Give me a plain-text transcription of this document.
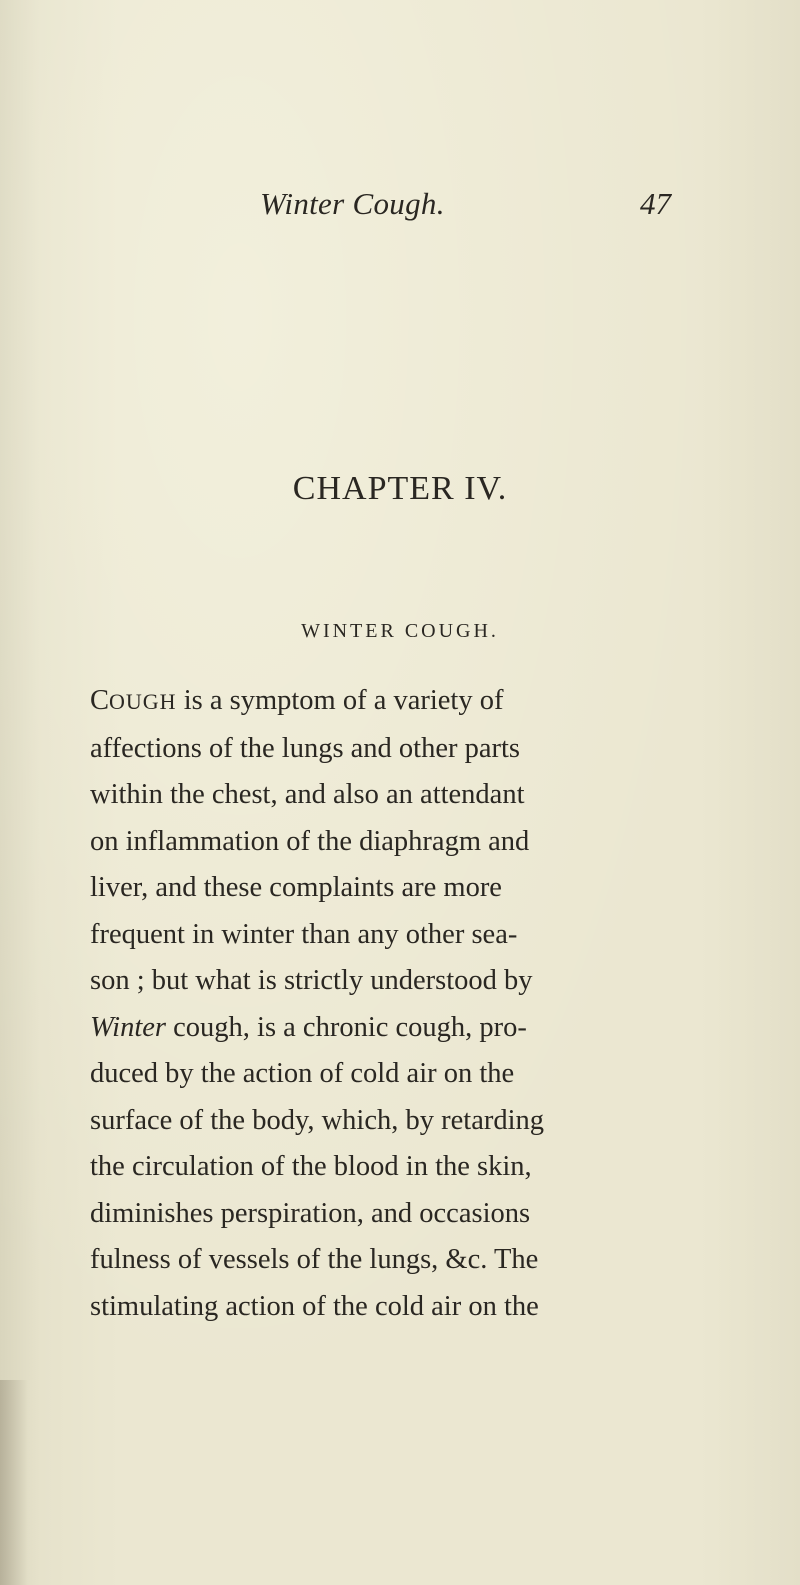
Winter Cough.	47
CHAPTER IV.
WINTER COUGH.
COUGH is a symptom of a variety of
affections of the lungs and other parts
within the chest, and also an attendant
on inflammation of the diaphragm and
liver, and these complaints are more
frequent in winter than any other sea-
son ; but what is strictly understood by
Winter cough, is a chronic cough, pro-
duced by the action of cold air on the
surface of the body, which, by retarding
the circulation of the blood in the skin,
diminishes perspiration, and occasions
fulness of vessels of the lungs, &c. The
stimulating action of the cold air on the
